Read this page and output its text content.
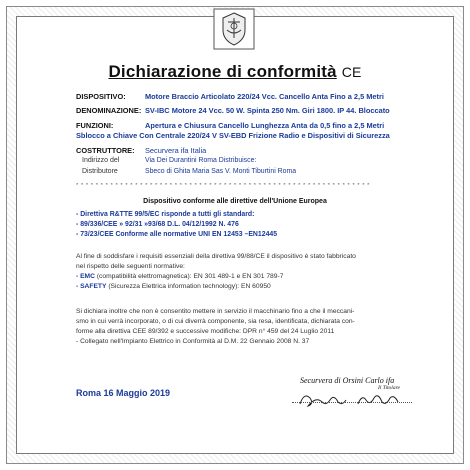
Dichiarazione di conformità CE
DISPOSITIVO:	Motore Braccio Articolato 220/24 Vcc. Cancello Anta Fino a 2,5 Metri
DENOMINAZIONE: SV-IBC Motore 24 Vcc. 50 W. Spinta 250 Nm. Giri 1800. IP 44. Bloccato
FUNZIONI:	Apertura e Chiusura Cancello Lunghezza Anta da 0,5 fino a 2,5 Metri
Sblocco a Chiave Con Centrale 220/24 V SV-EBD Frizione Radio e Dispositivi di Sicurezza
COSTRUTTORE: Securvera ifa Italia
Indirizzo del	Via Dei Durantini Roma Distribuisce:
Distributore	Sbeco di Ghita Maria Sas V. Monti Tiburtini Roma
************************************************************
Dispositivo conforme alle direttive dell'Unione Europea
- Direttiva R&TTE 99/5/EC risponde a tutti gli standard:
- 89/336/CEE » 92/31 »93/68 D.L. 04/12/1992 N. 476
- 73/23/CEE Conforme alle normative UNI EN 12453 –EN12445
Al fine di soddisfare i requisiti essenziali della direttiva 99/88/CE il dispositivo è stato fabbricato
nel rispetto delle seguenti normative:
- EMC (compatibilità elettromagnetica): EN 301 489-1 e EN 301 789-7
- SAFETY (Sicurezza Elettrica information technology): EN 60950
Si dichiara inoltre che non è consentito mettere in servizio il macchinario fino a che il meccani-
smo in cui verrà incorporato, o di cui diverrà componente, sia resa, identificata, dichiarata con-
forme alla direttiva CEE 89/392 e successive modifiche: DPR n° 459 del 24 Luglio 2011
- Collegato nell'Impianto Elettrico in Conformità al D.M. 22 Gennaio 2008 N. 37
Roma 16 Maggio 2019
Securvera di Orsini Carlo ifa
Il Titolare
